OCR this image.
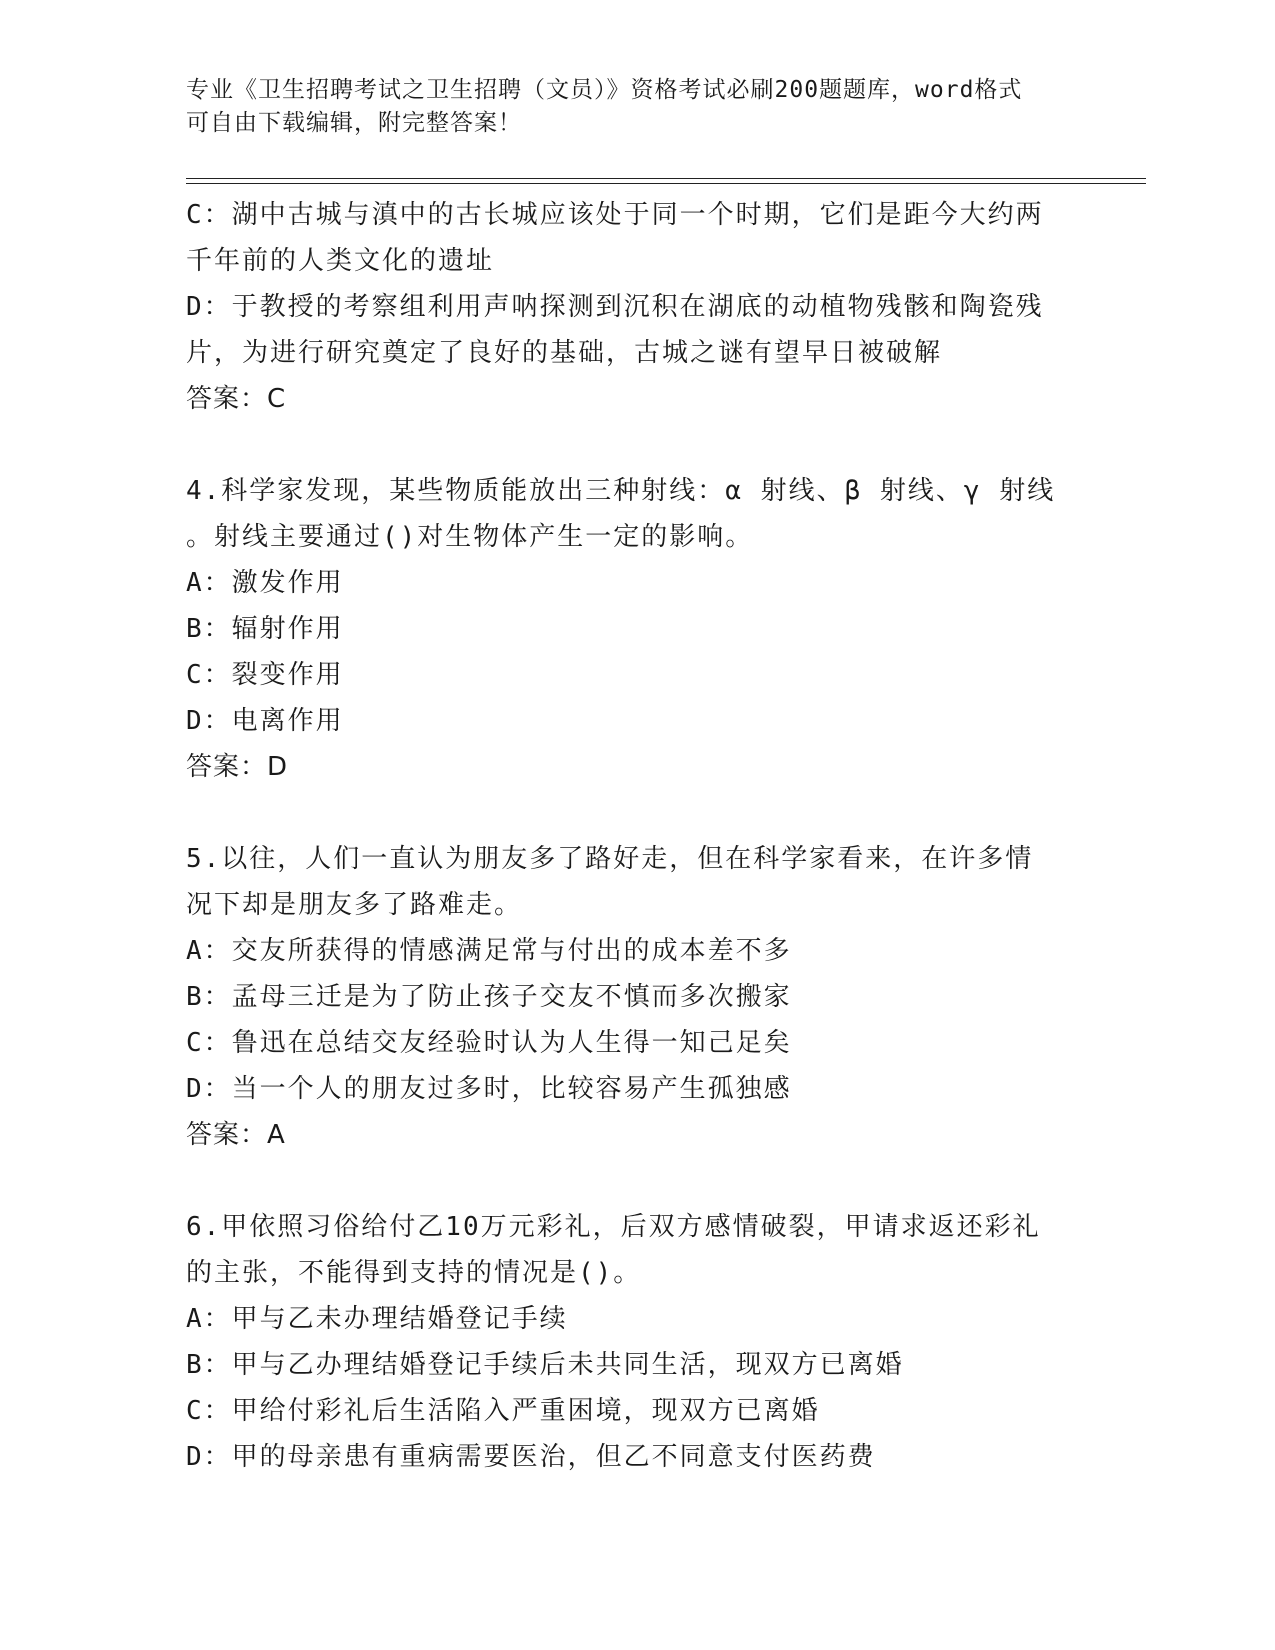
专业《卫生招聘考试之卫生招聘（文员）》资格考试必刷200题题库，word格式
可自由下载编辑，附完整答案！
C：湖中古城与滇中的古长城应该处于同一个时期，它们是距今大约两
千年前的人类文化的遗址
D：于教授的考察组利用声呐探测到沉积在湖底的动植物残骸和陶瓷残
片，为进行研究奠定了良好的基础，古城之谜有望早日被破解
答案：C
4.科学家发现，某些物质能放出三种射线：α 射线、β 射线、γ 射线
。射线主要通过()对生物体产生一定的影响。
A：激发作用
B：辐射作用
C：裂变作用
D：电离作用
答案：D
5.以往，人们一直认为朋友多了路好走，但在科学家看来，在许多情
况下却是朋友多了路难走。
A：交友所获得的情感满足常与付出的成本差不多
B：孟母三迁是为了防止孩子交友不慎而多次搬家
C：鲁迅在总结交友经验时认为人生得一知己足矣
D：当一个人的朋友过多时，比较容易产生孤独感
答案：A
6.甲依照习俗给付乙10万元彩礼，后双方感情破裂，甲请求返还彩礼
的主张，不能得到支持的情况是()。
A：甲与乙未办理结婚登记手续
B：甲与乙办理结婚登记手续后未共同生活，现双方已离婚
C：甲给付彩礼后生活陷入严重困境，现双方已离婚
D：甲的母亲患有重病需要医治，但乙不同意支付医药费
